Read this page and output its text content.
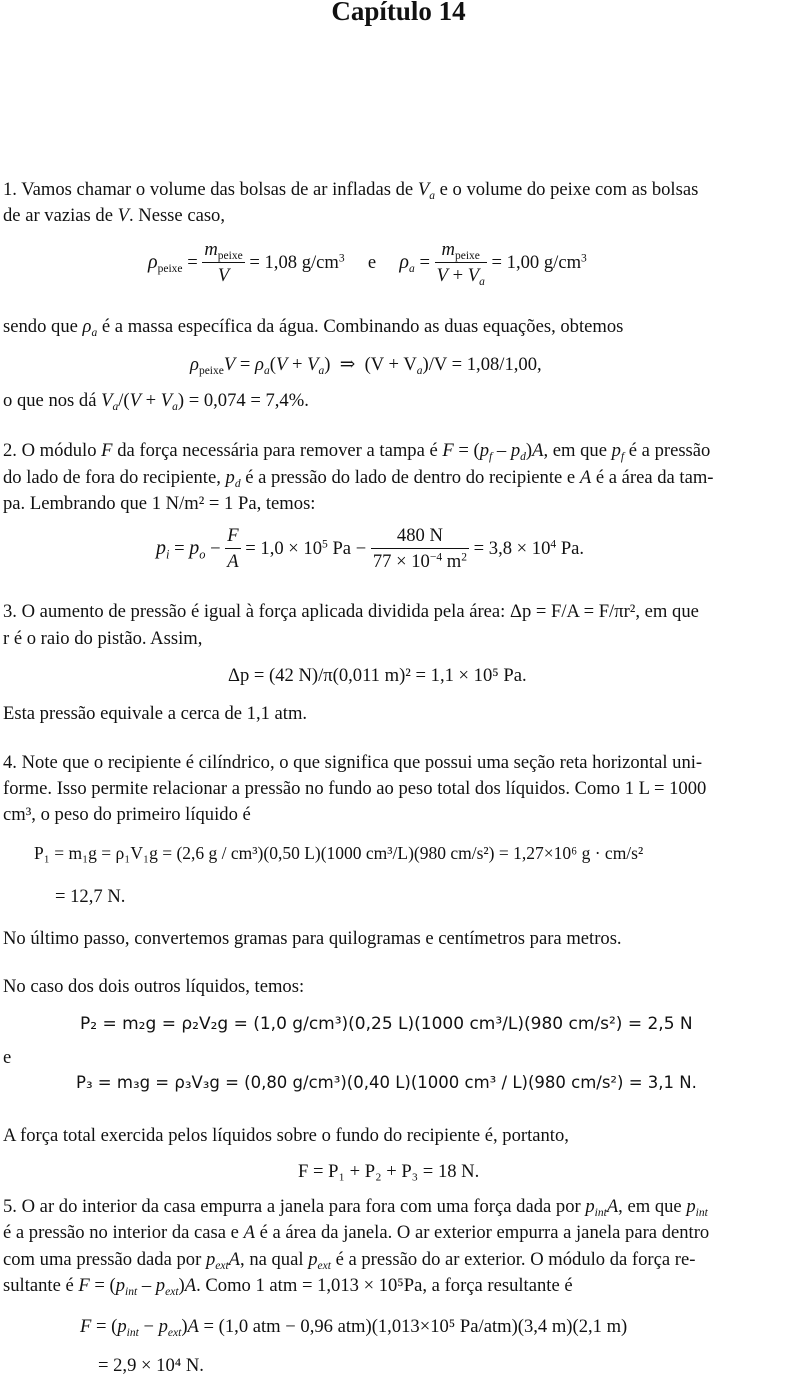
Capítulo 14
1. Vamos chamar o volume das bolsas de ar infladas de $V_a$ e o volume do peixe com as bolsas
de ar vazias de V. Nesse caso,
$\rho_{peixe} = \frac{m_{peixe}}{V} = 1,08$ $g/cm^3$ e $\rho_a = \frac{m_{peixe}}{V + V_a} = 1,00$ $g/cm^3$
sendo que $\rho_a$ é a massa específica da água. Combinando as duas equações, obtemos
$\rho_{peixe}V = \rho_a(V + V_a)$  ⇒  $(V + V_a)/V = 1,08/1,00$,
o que nos dá $V_a/(V + V_a) = 0,074 = 7,4\%$.
2. O módulo F da força necessária para remover a tampa é $F = (p_f - p_d)A$, em que $p_f$ é a pressão
do lado de fora do recipiente, $p_d$ é a pressão do lado de dentro do recipiente e A é a área da tam-
pa. Lembrando que 1 N/m² = 1 Pa, temos:
$p_i = p_o - \frac{F}{A} = 1,0 \times 10^5$ $Pa - \frac{480 N}{77 \times 10^{-4} m^2} = 3,8 \times 10^4$ Pa.
3. O aumento de pressão é igual à força aplicada dividida pela área: Δp = F/A = F/πr², em que
r é o raio do pistão. Assim,
Δp = (42 N)/π(0,011 m)² = 1,1 × 10⁵ Pa.
Esta pressão equivale a cerca de 1,1 atm.
4. Note que o recipiente é cilíndrico, o que significa que possui uma seção reta horizontal uni-
forme. Isso permite relacionar a pressão no fundo ao peso total dos líquidos. Como 1 L = 1000
cm³, o peso do primeiro líquido é
P₁ = m₁g = ρ₁V₁g = (2,6 g / cm³)(0,50 L)(1000 cm³/L)(980 cm/s²) = 1,27×10⁶ g · cm/s²
= 12,7 N.
No último passo, convertemos gramas para quilogramas e centímetros para metros.
No caso dos dois outros líquidos, temos:
P₂ = m₂g = ρ₂V₂g = (1,0 g/cm³)(0,25 L)(1000 cm³/L)(980 cm/s²) = 2,5 N
e
P₃ = m₃g = ρ₃V₃g = (0,80 g/cm³)(0,40 L)(1000 cm³ / L)(980 cm/s²) = 3,1 N.
A força total exercida pelos líquidos sobre o fundo do recipiente é, portanto,
F = P₁ + P₂ + P₃ = 18 N.
5. O ar do interior da casa empurra a janela para fora com uma força dada por $p_{int}A$, em que $p_{int}$
é a pressão no interior da casa e A é a área da janela. O ar exterior empurra a janela para dentro
com uma pressão dada por $p_{ext}A$, na qual $p_{ext}$ é a pressão do ar exterior. O módulo da força re-
sultante é $F = (p_{int} - p_{ext})A$. Como 1 atm = 1,013 × 10⁵Pa, a força resultante é
$F = (p_{int} - p_{ext})A = (1,0$ atm − 0,96 atm)(1,013×10⁵ Pa/atm)(3,4 m)(2,1 m)
= 2,9 × 10⁴ N.
